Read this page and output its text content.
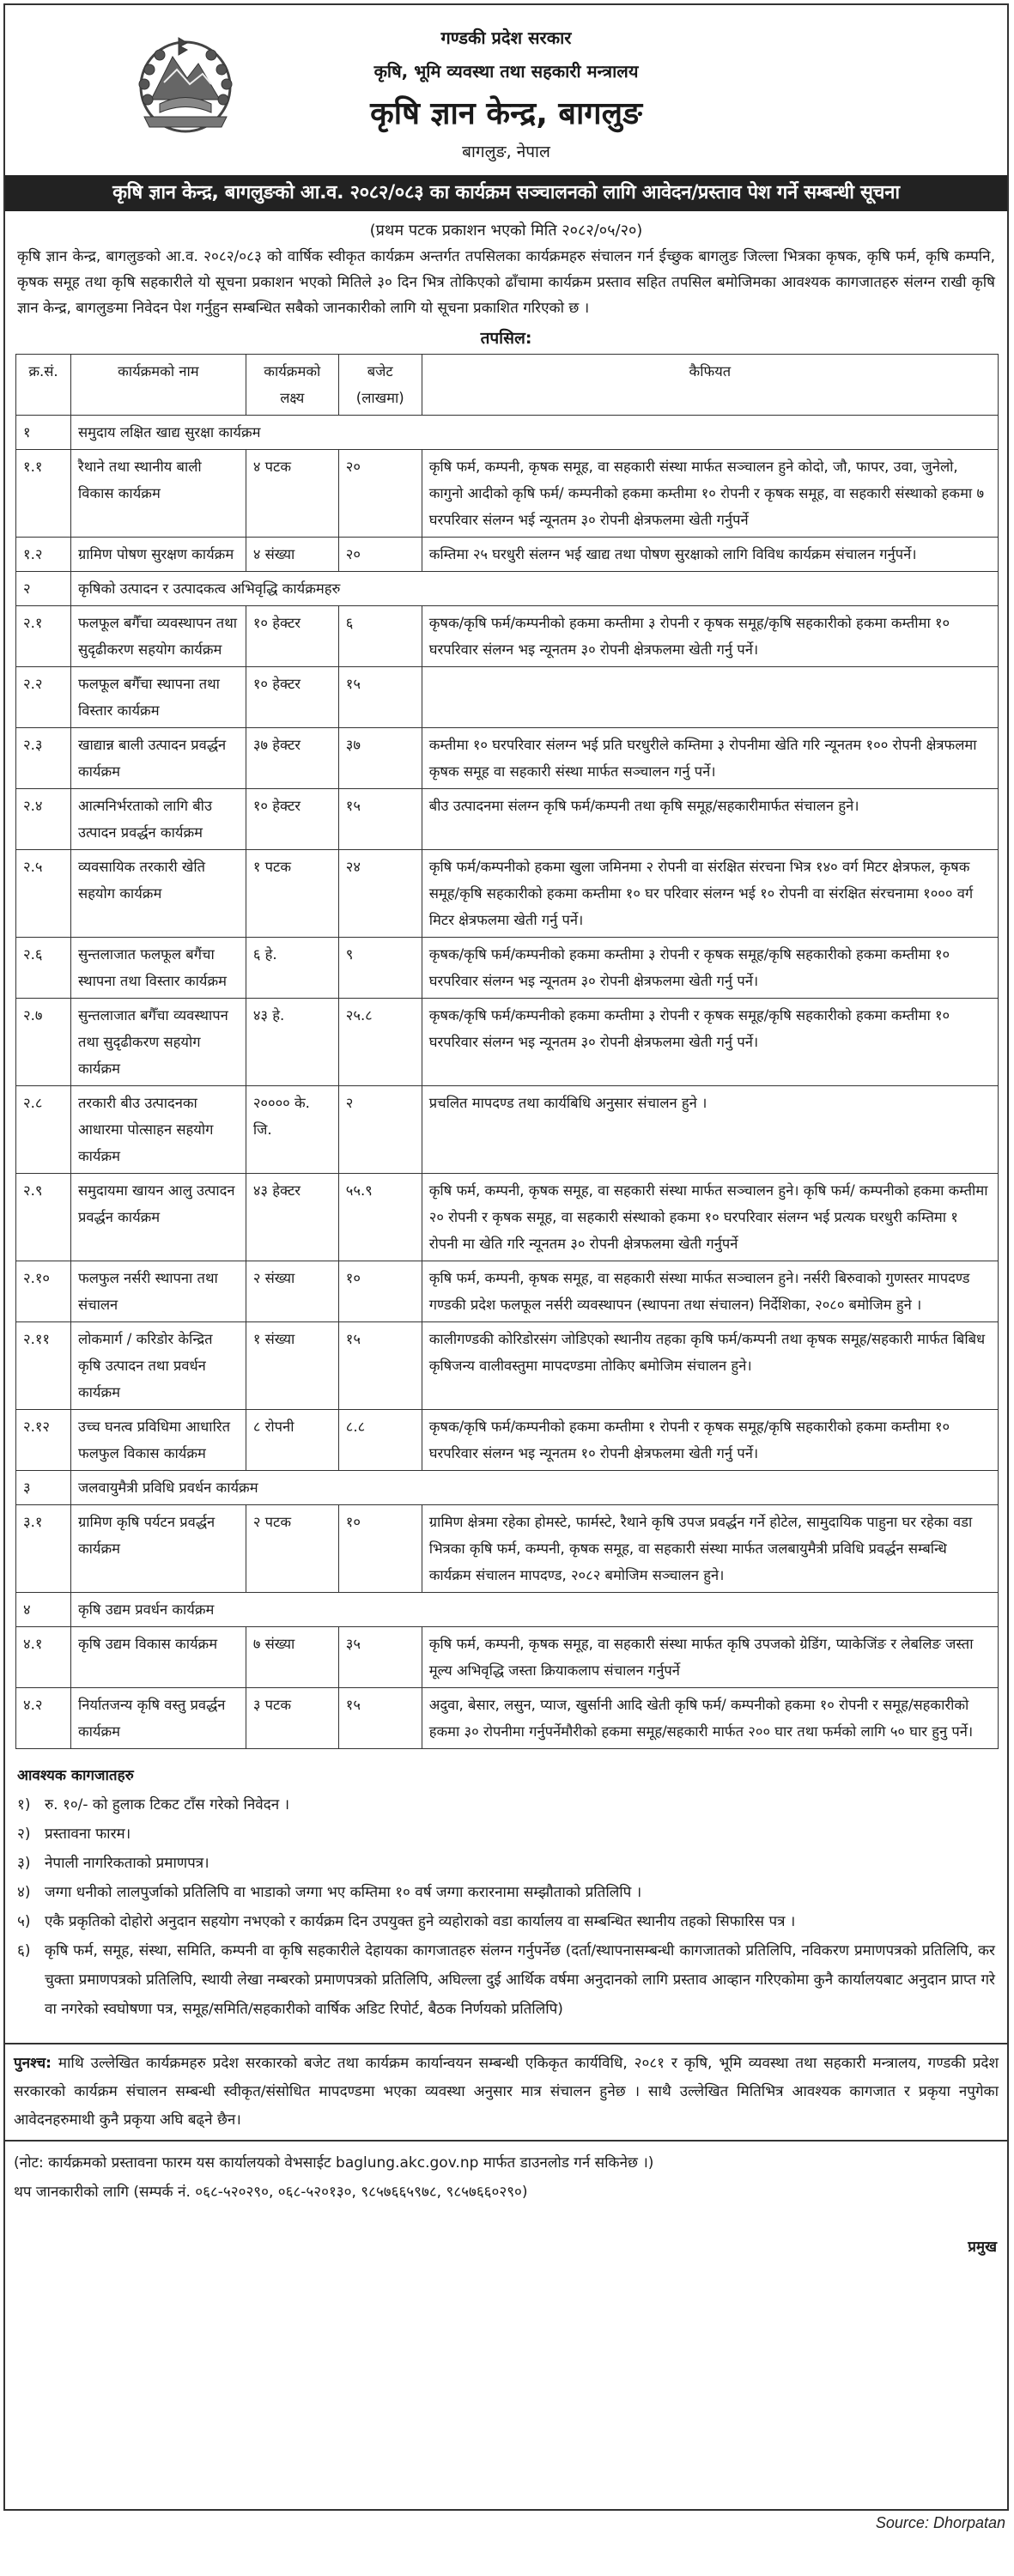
गण्डकी प्रदेश सरकार
कृषि, भूमि व्यवस्था तथा सहकारी मन्त्रालय
कृषि ज्ञान केन्द्र, बागलुङ
बागलुङ, नेपाल
कृषि ज्ञान केन्द्र, बागलुङको आ.व. २०८२/०८३ का कार्यक्रम सञ्चालनको लागि आवेदन/प्रस्ताव पेश गर्ने सम्बन्धी सूचना
(प्रथम पटक प्रकाशन भएको मिति २०८२/०५/२०)
कृषि ज्ञान केन्द्र, बागलुङको आ.व. २०८२/०८३ को वार्षिक स्वीकृत कार्यक्रम अन्तर्गत तपसिलका कार्यक्रमहरु संचालन गर्न ईच्छुक बागलुङ जिल्ला भित्रका कृषक, कृषि फर्म, कृषि कम्पनि, कृषक समूह तथा कृषि सहकारीले यो सूचना प्रकाशन भएको मितिले ३० दिन भित्र तोकिएको ढाँचामा कार्यक्रम प्रस्ताव सहित तपसिल बमोजिमका आवश्यक कागजातहरु संलग्न राखी कृषि ज्ञान केन्द्र, बागलुङमा निवेदन पेश गर्नुहुन सम्बन्धित सबैको जानकारीको लागि यो सूचना प्रकाशित गरिएको छ ।
तपसिल:
क्र.सं.	कार्यक्रमको नाम	कार्यक्रमको लक्ष्य	बजेट (लाखमा)	कैफियत
१	समुदाय लक्षित खाद्य सुरक्षा कार्यक्रम			
१.१	रैथाने तथा स्थानीय बाली विकास कार्यक्रम	४ पटक	२०	कृषि फर्म, कम्पनी, कृषक समूह, वा सहकारी संस्था मार्फत सञ्चालन हुने कोदो, जौ, फापर, उवा, जुनेलो, कागुनो आदीको कृषि फर्म/ कम्पनीको हकमा कम्तीमा १० रोपनी र कृषक समूह, वा सहकारी संस्थाको हकमा ७ घरपरिवार संलग्न भई न्यूनतम ३० रोपनी क्षेत्रफलमा खेती गर्नुपर्ने
१.२	ग्रामिण पोषण सुरक्षण कार्यक्रम	४ संख्या	२०	कम्तिमा २५ घरधुरी संलग्न भई खाद्य तथा पोषण सुरक्षाको लागि विविध कार्यक्रम संचालन गर्नुपर्ने।
२	कृषिको उत्पादन र उत्पादकत्व अभिवृद्धि कार्यक्रमहरु			
२.१	फलफूल बगैँचा व्यवस्थापन तथा सुदृढीकरण सहयोग कार्यक्रम	१० हेक्टर	६	कृषक/कृषि फर्म/कम्पनीको हकमा कम्तीमा ३ रोपनी र कृषक समूह/कृषि सहकारीको हकमा कम्तीमा १० घरपरिवार संलग्न भइ न्यूनतम ३० रोपनी क्षेत्रफलमा खेती गर्नु पर्ने।
२.२	फलफूल बगैँचा स्थापना तथा विस्तार कार्यक्रम	१० हेक्टर	१५	
२.३	खाद्यान्न बाली उत्पादन प्रवर्द्धन कार्यक्रम	३७ हेक्टर	३७	कम्तीमा १० घरपरिवार संलग्न भई प्रति घरधुरीले कम्तिमा ३ रोपनीमा खेति गरि न्यूनतम १०० रोपनी क्षेत्रफलमा कृषक समूह वा सहकारी संस्था मार्फत सञ्चालन गर्नु पर्ने।
२.४	आत्मनिर्भरताको लागि बीउ उत्पादन प्रवर्द्धन कार्यक्रम	१० हेक्टर	१५	बीउ उत्पादनमा संलग्न कृषि फर्म/कम्पनी तथा कृषि समूह/सहकारीमार्फत संचालन हुने।
२.५	व्यवसायिक तरकारी खेति सहयोग कार्यक्रम	१ पटक	२४	कृषि फर्म/कम्पनीको हकमा खुला जमिनमा २ रोपनी वा संरक्षित संरचना भित्र १४० वर्ग मिटर क्षेत्रफल, कृषक समूह/कृषि सहकारीको हकमा कम्तीमा १० घर परिवार संलग्न भई १० रोपनी वा संरक्षित संरचनामा १००० वर्ग मिटर क्षेत्रफलमा खेती गर्नु पर्ने।
२.६	सुन्तलाजात फलफूल बगैंचा स्थापना तथा विस्तार कार्यक्रम	६ हे.	९	कृषक/कृषि फर्म/कम्पनीको हकमा कम्तीमा ३ रोपनी र कृषक समूह/कृषि सहकारीको हकमा कम्तीमा १० घरपरिवार संलग्न भइ न्यूनतम ३० रोपनी क्षेत्रफलमा खेती गर्नु पर्ने।
२.७	सुन्तलाजात बगैँचा व्यवस्थापन तथा सुदृढीकरण सहयोग कार्यक्रम	४३ हे.	२५.८	कृषक/कृषि फर्म/कम्पनीको हकमा कम्तीमा ३ रोपनी र कृषक समूह/कृषि सहकारीको हकमा कम्तीमा १० घरपरिवार संलग्न भइ न्यूनतम ३० रोपनी क्षेत्रफलमा खेती गर्नु पर्ने।
२.८	तरकारी बीउ उत्पादनका आधारमा पोत्साहन सहयोग कार्यक्रम	२०००० के. जि.	२	प्रचलित मापदण्ड तथा कार्यबिधि अनुसार संचालन हुने ।
२.९	समुदायमा खायन आलु उत्पादन प्रवर्द्धन कार्यक्रम	४३ हेक्टर	५५.९	कृषि फर्म, कम्पनी, कृषक समूह, वा सहकारी संस्था मार्फत सञ्चालन हुने। कृषि फर्म/ कम्पनीको हकमा कम्तीमा २० रोपनी र कृषक समूह, वा सहकारी संस्थाको हकमा १० घरपरिवार संलग्न भई प्रत्यक घरधुरी कम्तिमा १ रोपनी मा खेति गरि न्यूनतम ३० रोपनी क्षेत्रफलमा खेती गर्नुपर्ने
२.१०	फलफुल नर्सरी स्थापना तथा संचालन	२ संख्या	१०	कृषि फर्म, कम्पनी, कृषक समूह, वा सहकारी संस्था मार्फत सञ्चालन हुने। नर्सरी बिरुवाको गुणस्तर मापदण्ड गण्डकी प्रदेश फलफूल नर्सरी व्यवस्थापन (स्थापना तथा संचालन) निर्देशिका, २०८० बमोजिम हुने ।
२.११	लोकमार्ग / करिडोर केन्द्रित कृषि उत्पादन तथा प्रवर्धन कार्यक्रम	१ संख्या	१५	कालीगण्डकी कोरिडोरसंग जोडिएको स्थानीय तहका कृषि फर्म/कम्पनी तथा कृषक समूह/सहकारी मार्फत बिबिध कृषिजन्य वालीवस्तुमा मापदण्डमा तोकिए बमोजिम संचालन हुने।
२.१२	उच्च घनत्व प्रविधिमा आधारित फलफुल विकास कार्यक्रम	८ रोपनी	८.८	कृषक/कृषि फर्म/कम्पनीको हकमा कम्तीमा १ रोपनी र कृषक समूह/कृषि सहकारीको हकमा कम्तीमा १० घरपरिवार संलग्न भइ न्यूनतम १० रोपनी क्षेत्रफलमा खेती गर्नु पर्ने।
३	जलवायुमैत्री प्रविधि प्रवर्धन कार्यक्रम			
३.१	ग्रामिण कृषि पर्यटन प्रवर्द्धन कार्यक्रम	२ पटक	१०	ग्रामिण क्षेत्रमा रहेका होमस्टे, फार्मस्टे, रैथाने कृषि उपज प्रवर्द्धन गर्ने होटेल, सामुदायिक पाहुना घर रहेका वडा भित्रका कृषि फर्म, कम्पनी, कृषक समूह, वा सहकारी संस्था मार्फत जलबायुमैत्री प्रविधि प्रवर्द्धन सम्बन्धि कार्यक्रम संचालन मापदण्ड, २०८२ बमोजिम सञ्चालन हुने।
४	कृषि उद्यम प्रवर्धन कार्यक्रम			
४.१	कृषि उद्यम विकास कार्यक्रम	७ संख्या	३५	कृषि फर्म, कम्पनी, कृषक समूह, वा सहकारी संस्था मार्फत कृषि उपजको ग्रेडिंग, प्याकेजिंङ र लेबलिङ जस्ता मूल्य अभिवृद्धि जस्ता क्रियाकलाप संचालन गर्नुपर्ने
४.२	निर्यातजन्य कृषि वस्तु प्रवर्द्धन कार्यक्रम	३ पटक	१५	अदुवा, बेसार, लसुन, प्याज, खुर्सानी आदि खेती कृषि फर्म/ कम्पनीको हकमा १० रोपनी र समूह/सहकारीको हकमा ३० रोपनीमा गर्नुपर्नेमौरीको हकमा समूह/सहकारी मार्फत २०० घार तथा फर्मको लागि ५० घार हुनु पर्ने।
आवश्यक कागजातहरु
१) रु. १०/- को हुलाक टिकट टाँस गरेको निवेदन ।
२) प्रस्तावना फारम।
३) नेपाली नागरिकताको प्रमाणपत्र।
४) जग्गा धनीको लालपुर्जाको प्रतिलिपि वा भाडाको जग्गा भए कम्तिमा १० वर्ष जग्गा करारनामा सम्झौताको प्रतिलिपि ।
५) एकै प्रकृतिको दोहोरो अनुदान सहयोग नभएको र कार्यक्रम दिन उपयुक्त हुने व्यहोराको वडा कार्यालय वा सम्बन्धित स्थानीय तहको सिफारिस पत्र ।
६) कृषि फर्म, समूह, संस्था, समिति, कम्पनी वा कृषि सहकारीले देहायका कागजातहरु संलग्न गर्नुपर्नेछ (दर्ता/स्थापनासम्बन्धी कागजातको प्रतिलिपि, नविकरण प्रमाणपत्रको प्रतिलिपि, कर चुक्ता प्रमाणपत्रको प्रतिलिपि, स्थायी लेखा नम्बरको प्रमाणपत्रको प्रतिलिपि, अघिल्ला दुई आर्थिक वर्षमा अनुदानको लागि प्रस्ताव आव्हान गरिएकोमा कुनै कार्यालयबाट अनुदान प्राप्त गरे वा नगरेको स्वघोषणा पत्र, समूह/समिति/सहकारीको वार्षिक अडिट रिपोर्ट, बैठक निर्णयको प्रतिलिपि)
पुनश्च: माथि उल्लेखित कार्यक्रमहरु प्रदेश सरकारको बजेट तथा कार्यक्रम कार्यान्वयन सम्बन्धी एकिकृत कार्यविधि, २०८१ र कृषि, भूमि व्यवस्था तथा सहकारी मन्त्रालय, गण्डकी प्रदेश सरकारको कार्यक्रम संचालन सम्बन्धी स्वीकृत/संसोधित मापदण्डमा भएका व्यवस्था अनुसार मात्र संचालन हुनेछ । साथै उल्लेखित मितिभित्र आवश्यक कागजात र प्रकृया नपुगेका आवेदनहरुमाथी कुनै प्रकृया अघि बढ्ने छैन।
(नोट: कार्यक्रमको प्रस्तावना फारम यस कार्यालयको वेभसाईट baglung.akc.gov.np मार्फत डाउनलोड गर्न सकिनेछ ।)
थप जानकारीको लागि (सम्पर्क नं. ०६८-५२०२९०, ०६८-५२०१३०, ९८५७६६५९७८, ९८५७६६०२९०)
प्रमुख
Source: Dhorpatan
